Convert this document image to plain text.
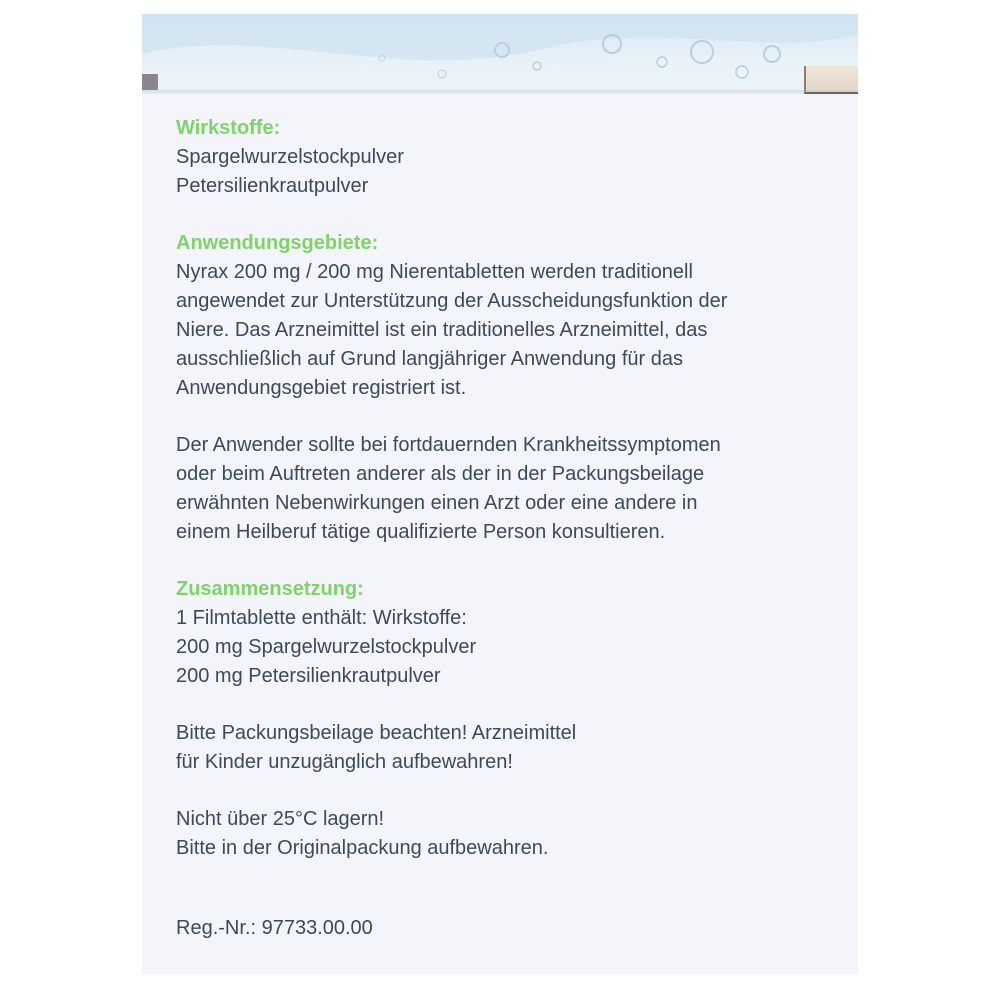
Wirkstoffe:
Spargelwurzelstockpulver
Petersilienkrautpulver
Anwendungsgebiete:
Nyrax 200 mg / 200 mg Nierentabletten werden traditionell
angewendet zur Unterstützung der Ausscheidungsfunktion der
Niere. Das Arzneimittel ist ein traditionelles Arzneimittel, das
ausschließlich auf Grund langjähriger Anwendung für das
Anwendungsgebiet registriert ist.
Der Anwender sollte bei fortdauernden Krankheitssymptomen
oder beim Auftreten anderer als der in der Packungsbeilage
erwähnten Nebenwirkungen einen Arzt oder eine andere in
einem Heilberuf tätige qualifizierte Person konsultieren.
Zusammensetzung:
1 Filmtablette enthält: Wirkstoffe:
200 mg Spargelwurzelstockpulver
200 mg Petersilienkrautpulver
Bitte Packungsbeilage beachten! Arzneimittel
für Kinder unzugänglich aufbewahren!
Nicht über 25°C lagern!
Bitte in der Originalpackung aufbewahren.
Reg.-Nr.: 97733.00.00
